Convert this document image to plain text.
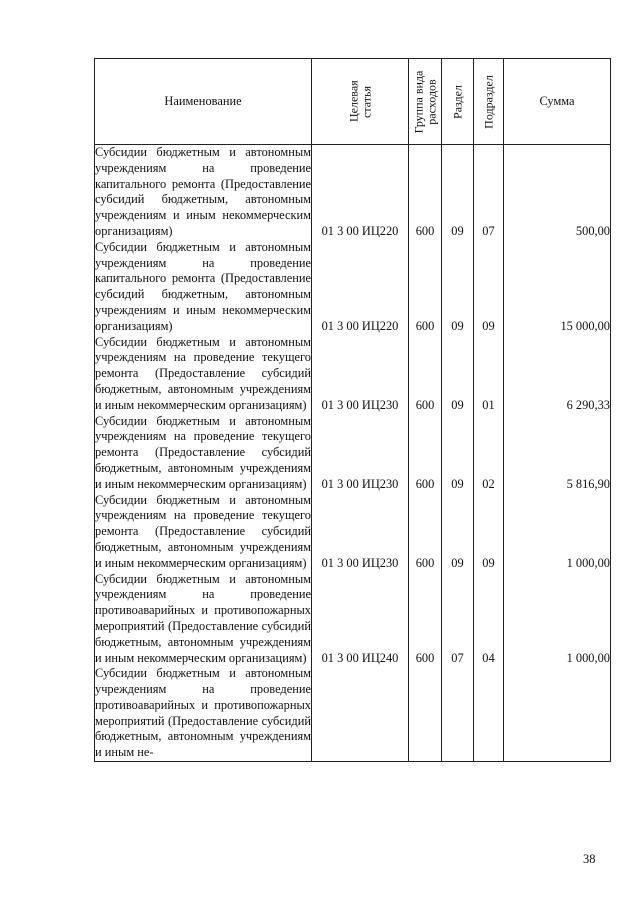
Наименование	Целевая статья	Группа вида расходов	Раздел	Подраздел	Сумма
Субсидии бюджетным и автономным учреждениям на проведение капитального ремонта (Предоставление субсидий бюджетным, автономным учреждениям и иным некоммерческим организациям)	01 3 00 ИЦ220	600	09	07	500,00
Субсидии бюджетным и автономным учреждениям на проведение капитального ремонта (Предоставление субсидий бюджетным, автономным учреждениям и иным некоммерческим организациям)	01 3 00 ИЦ220	600	09	09	15 000,00
Субсидии бюджетным и автономным учреждениям на проведение текущего ремонта (Предоставление субсидий бюджетным, автономным учреждениям и иным некоммерческим организациям)	01 3 00 ИЦ230	600	09	01	6 290,33
Субсидии бюджетным и автономным учреждениям на проведение текущего ремонта (Предоставление субсидий бюджетным, автономным учреждениям и иным некоммерческим организациям)	01 3 00 ИЦ230	600	09	02	5 816,90
Субсидии бюджетным и автономным учреждениям на проведение текущего ремонта (Предоставление субсидий бюджетным, автономным учреждениям и иным некоммерческим организациям)	01 3 00 ИЦ230	600	09	09	1 000,00
Субсидии бюджетным и автономным учреждениям на проведение противоаварийных и противопожарных мероприятий (Предоставление субсидий бюджетным, автономным учреждениям и иным некоммерческим организациям)	01 3 00 ИЦ240	600	07	04	1 000,00
Субсидии бюджетным и автономным учреждениям на проведение противоаварийных и противопожарных мероприятий (Предоставление субсидий бюджетным, автономным учреждениям и иным не-					
38
